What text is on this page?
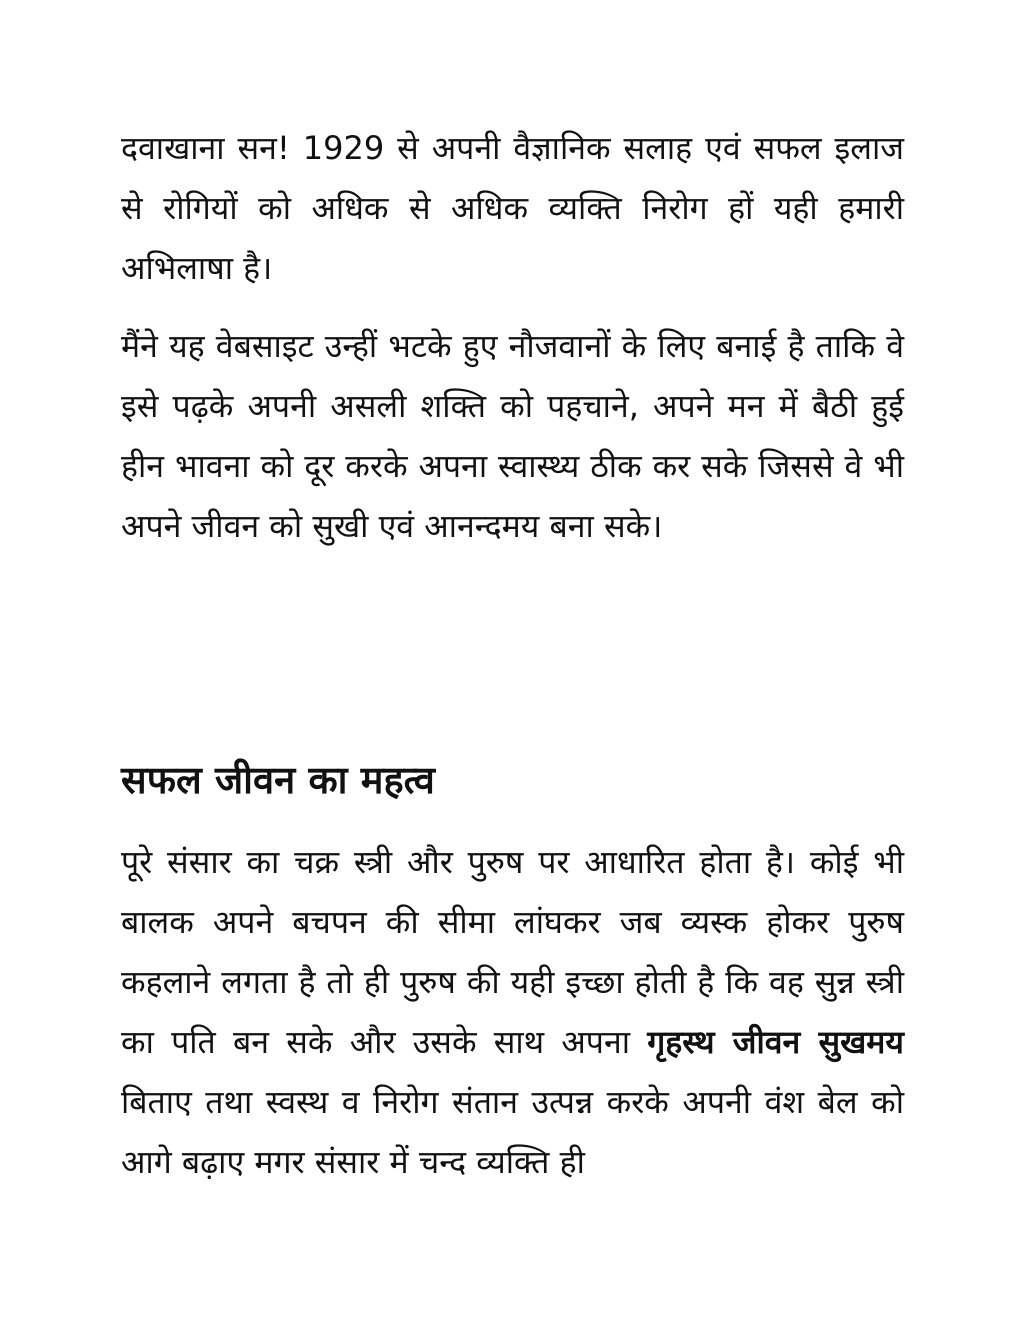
दवाखाना सन! 1929 से अपनी वैज्ञानिक सलाह एवं सफल इलाज से रोगियों को अधिक से अधिक व्यक्ति निरोग हों यही हमारी अभिलाषा है।

मैंने यह वेबसाइट उन्हीं भटके हुए नौजवानों के लिए बनाई है ताकि वे इसे पढ़के अपनी असली शक्ति को पहचाने, अपने मन में बैठी हुई हीन भावना को दूर करके अपना स्वास्थ्य ठीक कर सके जिससे वे भी अपने जीवन को सुखी एवं आनन्दमय बना सके।

सफल जीवन का महत्व

पूरे संसार का चक्र स्त्री और पुरुष पर आधारित होता है। कोई भी बालक अपने बचपन की सीमा लांघकर जब व्यस्क होकर पुरुष कहलाने लगता है तो ही पुरुष की यही इच्छा होती है कि वह सुन्न स्त्री का पति बन सके और उसके साथ अपना गृहस्थ जीवन सुखमय बिताए तथा स्वस्थ व निरोग संतान उत्पन्न करके अपनी वंश बेल को आगे बढ़ाए मगर संसार में चन्द व्यक्ति ही
